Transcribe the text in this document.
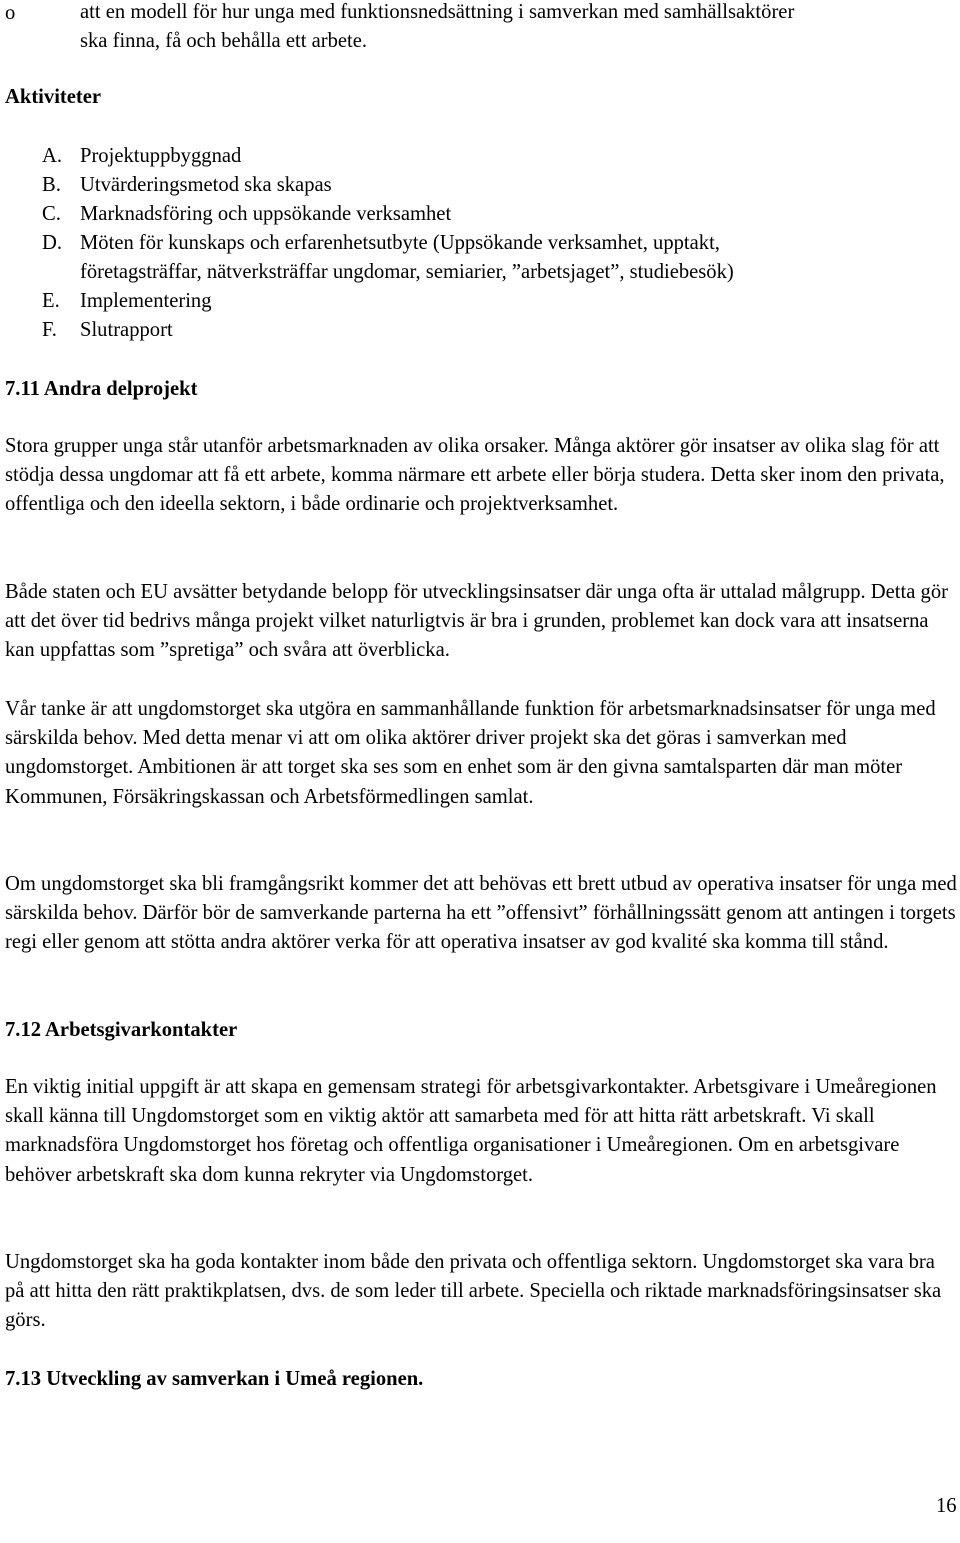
o	att en modell för hur unga med funktionsnedsättning i samverkan med samhällsaktörer
ska finna, få och behålla ett arbete.
Aktiviteter
A. Projektuppbyggnad
B. Utvärderingsmetod ska skapas
C. Marknadsföring och uppsökande verksamhet
D. Möten för kunskaps och erfarenhetsutbyte (Uppsökande verksamhet, upptakt,
företagsträffar, nätverksträffar ungdomar, semiarier, ”arbetsjaget”, studiebesök)
E. Implementering
F. Slutrapport
7.11 Andra delprojekt

Stora grupper unga står utanför arbetsmarknaden av olika orsaker. Många aktörer gör insatser av olika slag för att stödja dessa ungdomar att få ett arbete, komma närmare ett arbete eller börja studera. Detta sker inom den privata, offentliga och den ideella sektorn, i både ordinarie och projektverksamhet.

Både staten och EU avsätter betydande belopp för utvecklingsinsatser där unga ofta är uttalad målgrupp. Detta gör att det över tid bedrivs många projekt vilket naturligtvis är bra i grunden, problemet kan dock vara att insatserna kan uppfattas som ”spretiga” och svåra att överblicka.

Vår tanke är att ungdomstorget ska utgöra en sammanhållande funktion för arbetsmarknadsinsatser för unga med särskilda behov. Med detta menar vi att om olika aktörer driver projekt ska det göras i samverkan med ungdomstorget. Ambitionen är att torget ska ses som en enhet som är den givna samtalsparten där man möter Kommunen, Försäkringskassan och Arbetsförmedlingen samlat.

Om ungdomstorget ska bli framgångsrikt kommer det att behövas ett brett utbud av operativa insatser för unga med särskilda behov. Därför bör de samverkande parterna ha ett ”offensivt” förhållningssätt genom att antingen i torgets regi eller genom att stötta andra aktörer verka för att operativa insatser av god kvalité ska komma till stånd.

7.12 Arbetsgivarkontakter

En viktig initial uppgift är att skapa en gemensam strategi för arbetsgivarkontakter. Arbetsgivare i Umeåregionen skall känna till Ungdomstorget som en viktig aktör att samarbeta med för att hitta rätt arbetskraft. Vi skall marknadsföra Ungdomstorget hos företag och offentliga organisationer i Umeåregionen. Om en arbetsgivare behöver arbetskraft ska dom kunna rekryter via Ungdomstorget.

Ungdomstorget ska ha goda kontakter inom både den privata och offentliga sektorn. Ungdomstorget ska vara bra på att hitta den rätt praktikplatsen, dvs. de som leder till arbete. Speciella och riktade marknadsföringsinsatser ska görs.

7.13 Utveckling av samverkan i Umeå regionen.
16
